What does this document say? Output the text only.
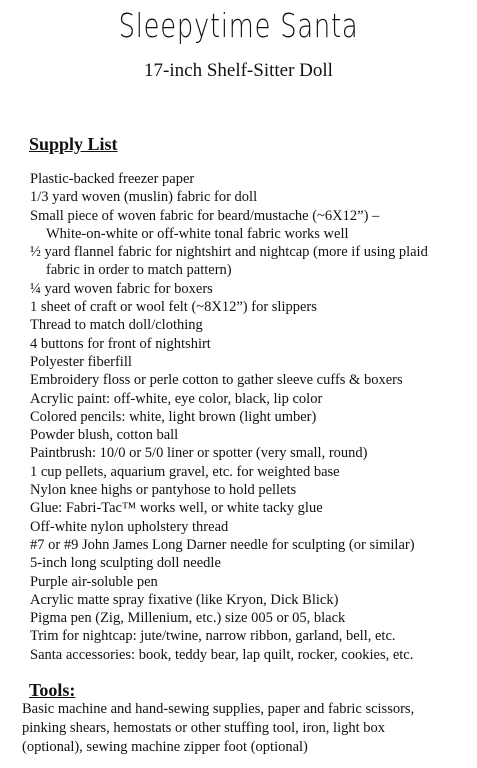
Sleepytime Santa
17-inch Shelf-Sitter Doll
Supply List
Plastic-backed freezer paper
1/3 yard woven (muslin) fabric for doll
Small piece of woven fabric for beard/mustache (~6X12”) –
White-on-white or off-white tonal fabric works well
½ yard flannel fabric for nightshirt and nightcap (more if using plaid
fabric in order to match pattern)
¼ yard woven fabric for boxers
1 sheet of craft or wool felt (~8X12”) for slippers
Thread to match doll/clothing
4 buttons for front of nightshirt
Polyester fiberfill
Embroidery floss or perle cotton to gather sleeve cuffs & boxers
Acrylic paint: off-white, eye color, black, lip color
Colored pencils: white, light brown (light umber)
Powder blush, cotton ball
Paintbrush: 10/0 or 5/0 liner or spotter (very small, round)
1 cup pellets, aquarium gravel, etc. for weighted base
Nylon knee highs or pantyhose to hold pellets
Glue: Fabri-Tac™ works well, or white tacky glue
Off-white nylon upholstery thread
#7 or #9 John James Long Darner needle for sculpting (or similar)
5-inch long sculpting doll needle
Purple air-soluble pen
Acrylic matte spray fixative (like Kryon, Dick Blick)
Pigma pen (Zig, Millenium, etc.) size 005 or 05, black
Trim for nightcap: jute/twine, narrow ribbon, garland, bell, etc.
Santa accessories: book, teddy bear, lap quilt, rocker, cookies, etc.
Tools:
Basic machine and hand-sewing supplies, paper and fabric scissors,
pinking shears, hemostats or other stuffing tool, iron, light box
(optional), sewing machine zipper foot (optional)
